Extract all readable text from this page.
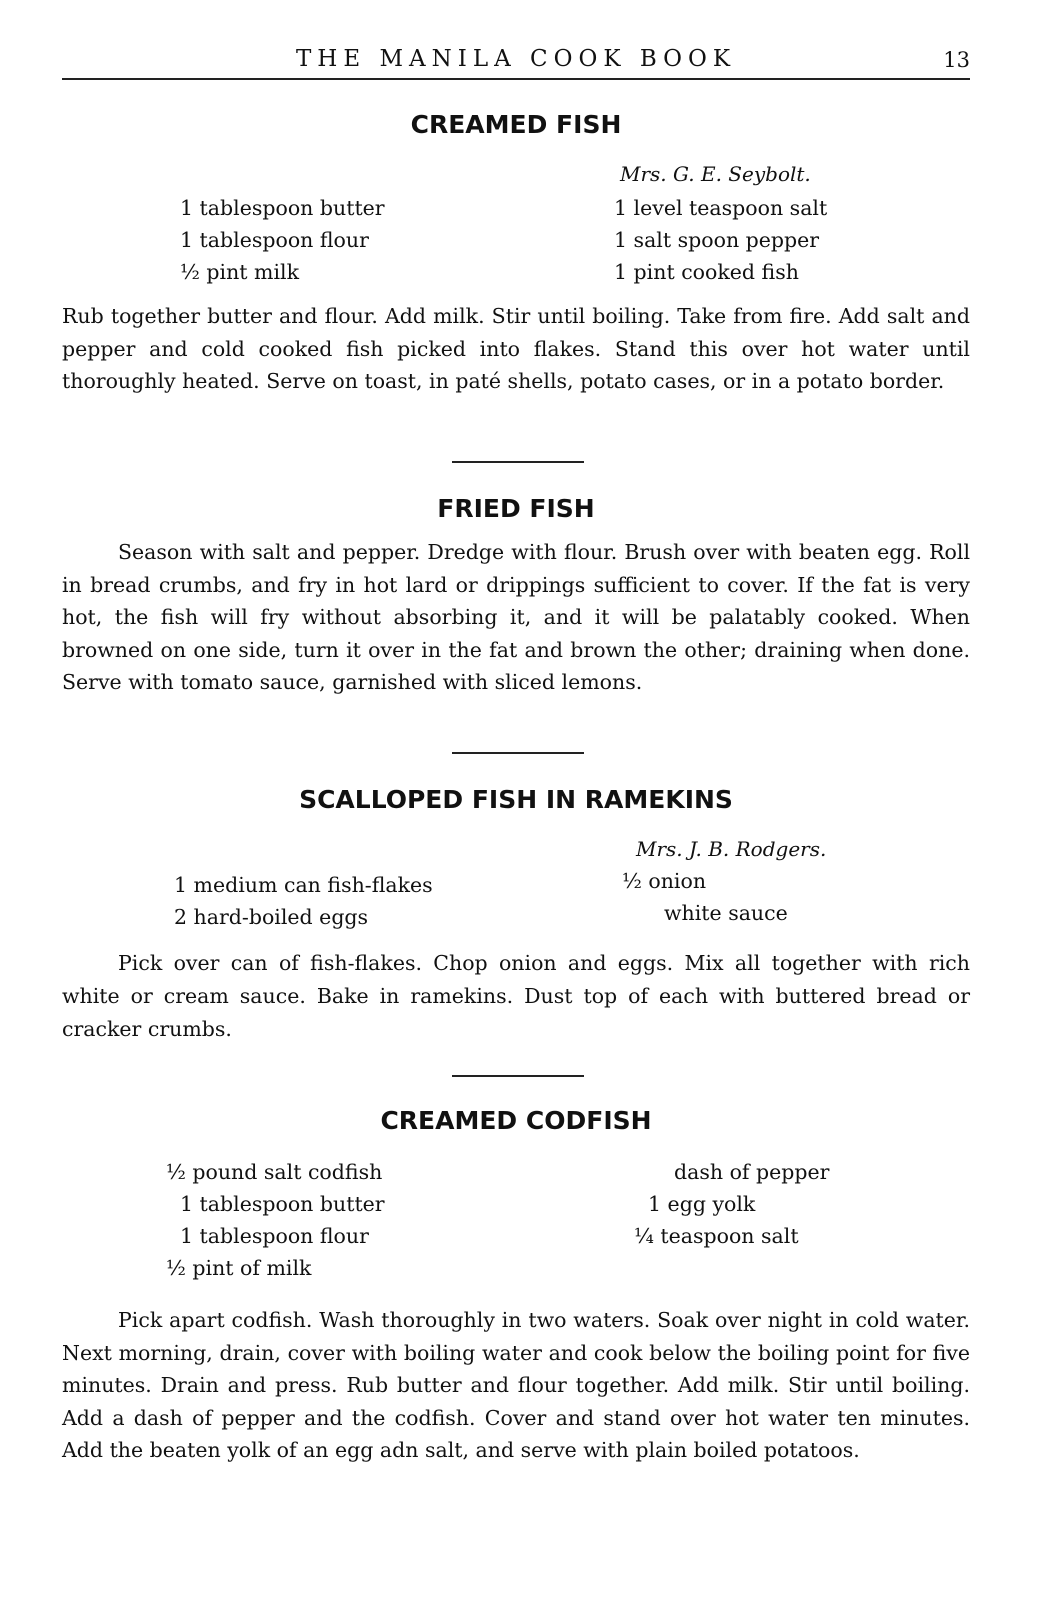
THE MANILA COOK BOOK	13
CREAMED FISH
Mrs. G. E. Seybolt.
1 tablespoon butter
1 tablespoon flour
½ pint milk
1 level teaspoon salt
1 salt spoon pepper
1 pint cooked fish

Rub together butter and flour. Add milk. Stir until boiling. Take from fire. Add salt and pepper and cold cooked fish picked into flakes. Stand this over hot water until thoroughly heated. Serve on toast, in paté shells, potato cases, or in a potato border.

FRIED FISH

Season with salt and pepper. Dredge with flour. Brush over with beaten egg. Roll in bread crumbs, and fry in hot lard or drippings sufficient to cover. If the fat is very hot, the fish will fry without absorbing it, and it will be palatably cooked. When browned on one side, turn it over in the fat and brown the other; draining when done. Serve with tomato sauce, garnished with sliced lemons.

SCALLOPED FISH IN RAMEKINS
Mrs. J. B. Rodgers.
1 medium can fish-flakes
2 hard-boiled eggs
½ onion
white sauce

Pick over can of fish-flakes. Chop onion and eggs. Mix all together with rich white or cream sauce. Bake in ramekins. Dust top of each with buttered bread or cracker crumbs.

CREAMED CODFISH
½ pound salt codfish
1 tablespoon butter
1 tablespoon flour
½ pint of milk
dash of pepper
1 egg yolk
¼ teaspoon salt

Pick apart codfish. Wash thoroughly in two waters. Soak over night in cold water. Next morning, drain, cover with boiling water and cook below the boiling point for five minutes. Drain and press. Rub butter and flour together. Add milk. Stir until boiling. Add a dash of pepper and the codfish. Cover and stand over hot water ten minutes. Add the beaten yolk of an egg adn salt, and serve with plain boiled potatoos.
